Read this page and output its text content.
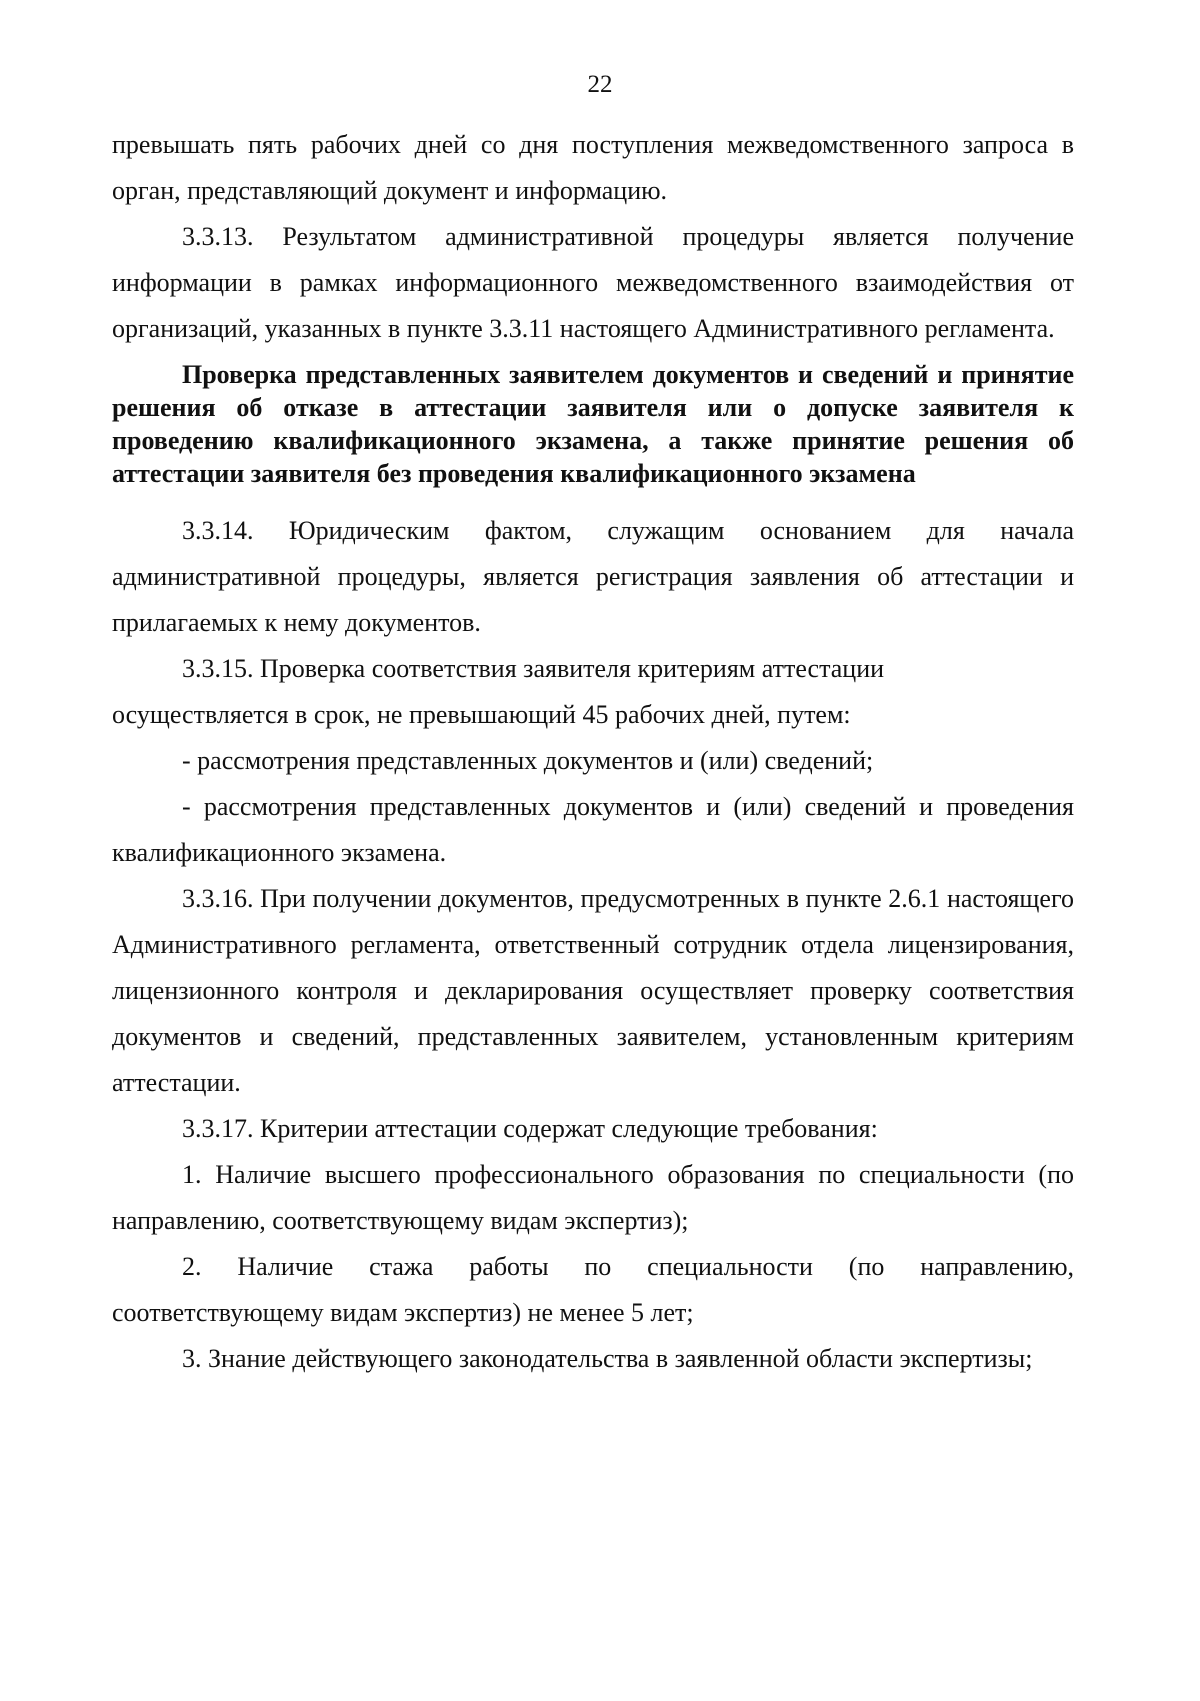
22

превышать пять рабочих дней со дня поступления межведомственного запроса в орган, представляющий документ и информацию.

3.3.13. Результатом административной процедуры является получение информации в рамках информационного межведомственного взаимодействия от организаций, указанных в пункте 3.3.11 настоящего Административного регламента.

Проверка представленных заявителем документов и сведений и принятие решения об отказе в аттестации заявителя или о допуске заявителя к проведению квалификационного экзамена, а также принятие решения об аттестации заявителя без проведения квалификационного экзамена

3.3.14. Юридическим фактом, служащим основанием для начала административной процедуры, является регистрация заявления об аттестации и прилагаемых к нему документов.

3.3.15. Проверка соответствия заявителя критериям аттестации

осуществляется в срок, не превышающий 45 рабочих дней, путем:

- рассмотрения представленных документов и (или) сведений;

- рассмотрения представленных документов и (или) сведений и проведения квалификационного экзамена.

3.3.16. При получении документов, предусмотренных в пункте 2.6.1 настоящего Административного регламента, ответственный сотрудник отдела лицензирования, лицензионного контроля и декларирования осуществляет проверку соответствия документов и сведений, представленных заявителем, установленным критериям аттестации.

3.3.17. Критерии аттестации содержат следующие требования:

1. Наличие высшего профессионального образования по специальности (по направлению, соответствующему видам экспертиз);

2. Наличие стажа работы по специальности (по направлению, соответствующему видам экспертиз) не менее 5 лет;

3. Знание действующего законодательства в заявленной области экспертизы;
